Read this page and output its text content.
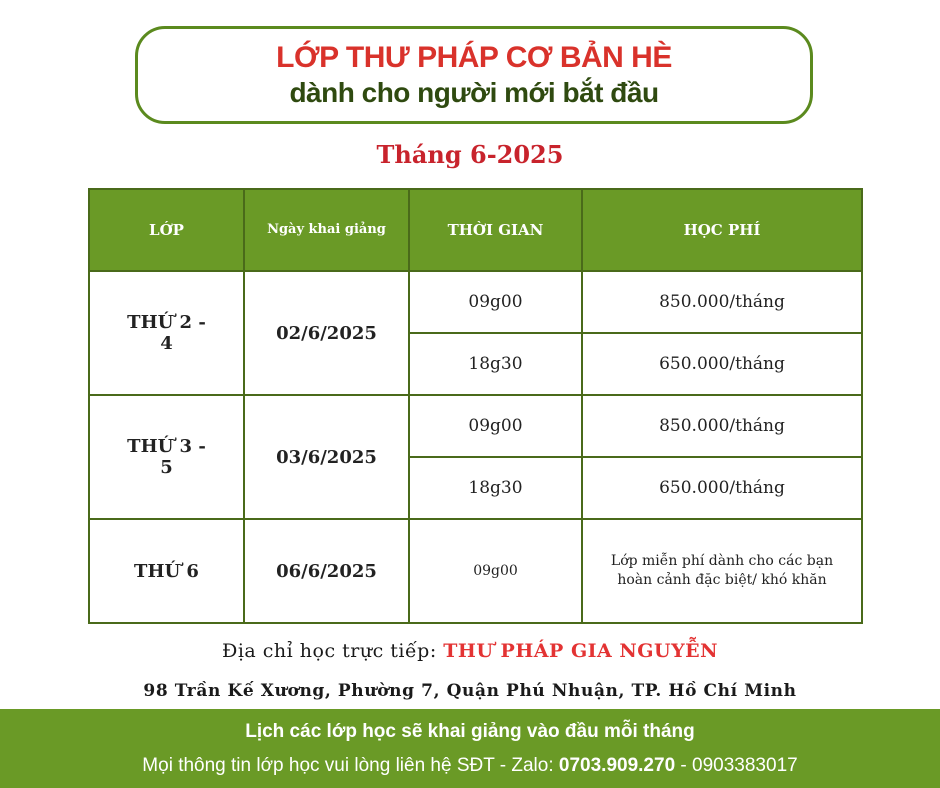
LỚP THƯ PHÁP CƠ BẢN HÈ
dành cho người mới bắt đầu
Tháng 6-2025
LỚP	Ngày khai giảng	THỜI GIAN	HỌC PHÍ
THỨ 2 - 4	02/6/2025	09g00	850.000/tháng
		18g30	650.000/tháng
THỨ 3 - 5	03/6/2025	09g00	850.000/tháng
		18g30	650.000/tháng
THỨ 6	06/6/2025	09g00	Lớp miễn phí dành cho các bạn hoàn cảnh đặc biệt/ khó khăn
Địa chỉ học trực tiếp: THƯ PHÁP GIA NGUYỄN
98 Trần Kế Xương, Phường 7, Quận Phú Nhuận, TP. Hồ Chí Minh
Lịch các lớp học sẽ khai giảng vào đầu mỗi tháng
Mọi thông tin lớp học vui lòng liên hệ SĐT - Zalo: 0703.909.270 - 0903383017
